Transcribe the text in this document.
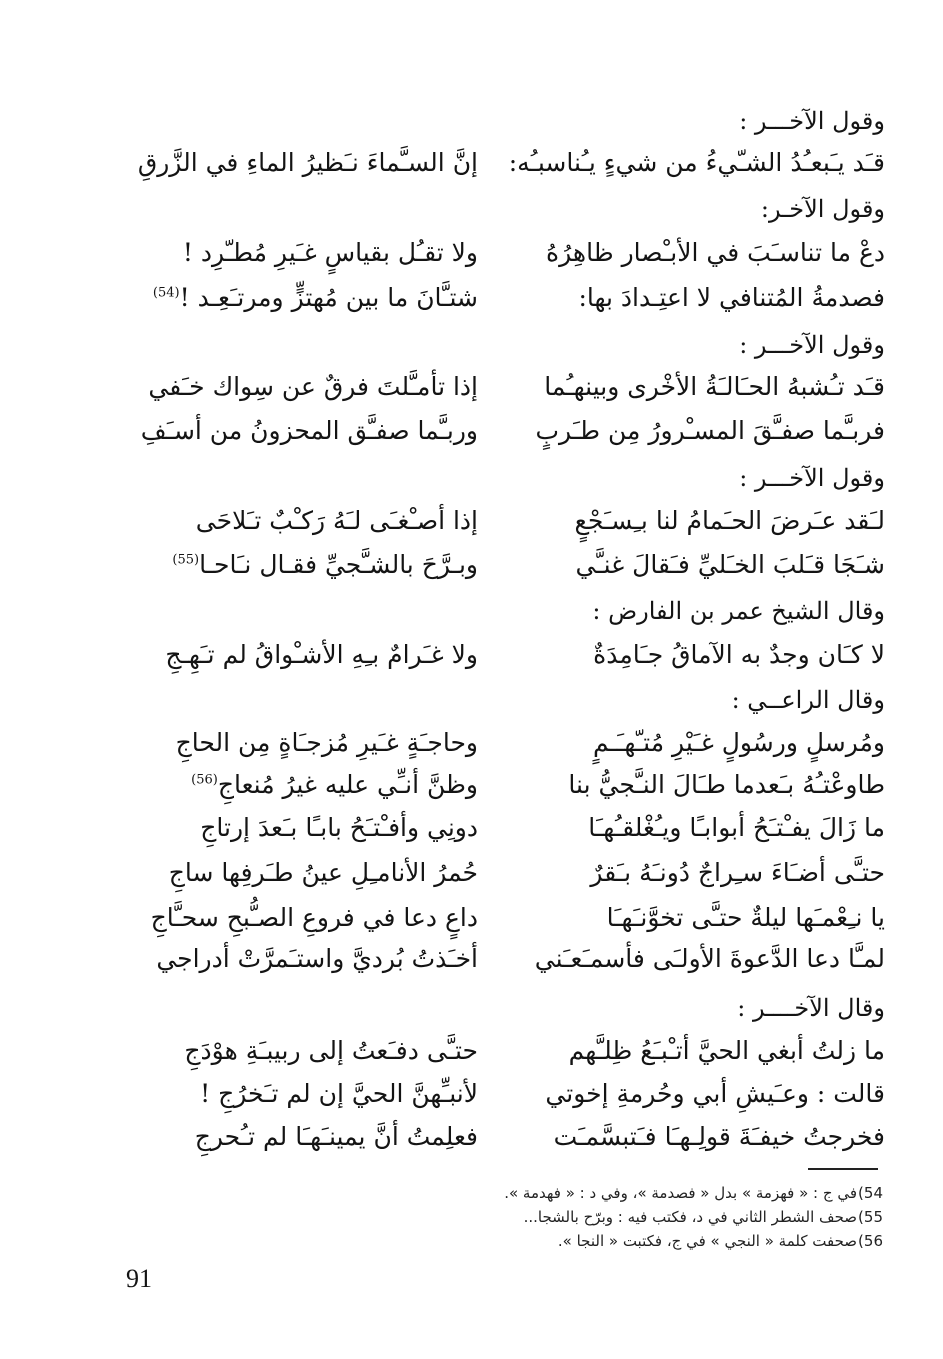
وقول الآخـــر :
قـَد يـَبعـُدُ الشـّيءُ من شيءٍ يـُناسبـُه:
إنَّ السـَّماءَ نـَظيرُ الماءِ في الزَّرقِ
وقول الآخـر:
دعْ ما تناسـَبَ في الأبـْصار ظاهِرُهُ
ولا تقـُل بقياسٍ غـَيرِ مُطـّرِد !
فصدمةُ المُتنافي لا اعتِـدادَ بها:
شتـَّانَ ما بين مُهتزٍّ ومرتـَعِـد !$^{(54)}$
وقول الآخـــر :
قـَد تـُشبهُ الحـَالـَةُ الأخْرى وبينهـُما
إذا تأمـَّلتَ فرقٌ عن سِواك خـَفي
فربـَّما صفـَّقَ المسـْرورُ مِن طـَربٍ
وربـَّما صفـَّق المحزونُ من أسـَفِ
وقول الآخـــر :
لـَقد عـَرضَ الحـَمامُ لنا بـِسـَجْعٍ
إذا أصـْغـَى لـَهُ رَكـْبٌ تـَلاحَى
شـَجَا قـَلبَ الخـَليِّ فـَقالَ غنـَّي
وبـرَّحَ بالشـَّجيِّ فقـال نـَاحـا$^{(55)}$
وقال الشيخ عمر بن الفارض :
لا كـَان وجدٌ به الآماقُ جـَامِدَةٌ
ولا غـَرامٌ بـِهِ الأشـْواقُ لم تـَهِـجِ
وقال الراعــي :
ومُرسلٍ ورسُولٍ غـَيْرِ مُتـّهـَـمٍ
وحاجـَةٍ غـَيرِ مُزجـَاةٍ مِن الحاجِ
طاوعْتـُهُ بـَعدما طـَالَ النـَّجيُّ بنا
وظنَّ أنـِّي عليه غيرُ مُنعاجِ$^{(56)}$
ما زَالَ يفـْتـَحُ أبوابـًا ويـُغْلقـُهـَا
دونِي وأفـْتـَحُ بابـًا بـَعدَ إرتاجِ
حتـَّى أضـَاءَ سـِراجٌ دُونـَهُ بـَقرٌ
حُمرُ الأنامـِلِ عينُ طـَرفِها ساجِ
يا نـِعْمـَها ليلةٌ حتـَّى تخوَّنـَهـَا
داعٍ دعا في فروعِ الصـُّبحِ سحـَّاجِ
لمـَّا دعا الدَّعوةَ الأولـَى فأسمـَعـَني
أخـَذتُ بُرديَّ واستـَمرَّتْ أدراجي
وقال الآخــــر :
ما زلتُ أبغي الحيَّ أتـْبـَعُ ظِلـَّهم
حتـَّى دفـَعتُ إلى ربيبـَةِ هوْدَجِ
قالت : وعـَيشِ أبي وحُرمةِ إخوتي
لأنبـِّهنَّ الحيَّ إن لم تـَخرُجِ !
فخرجتُ خيفـَةَ قولِـهـَا فـَتبسَّمـَت
فعلِمتُ أنَّ يمينـَهـَا لم تـُحرجِ
54)في ج : « فهزمة » بدل « فصدمة »، وفي د : « فهدمة ».
55)صحف الشطر الثاني في د، فكتب فيه : وبرّح بالشجا...
56)صحفت كلمة « النجي » في ج، فكتبت « النجا ».
91
